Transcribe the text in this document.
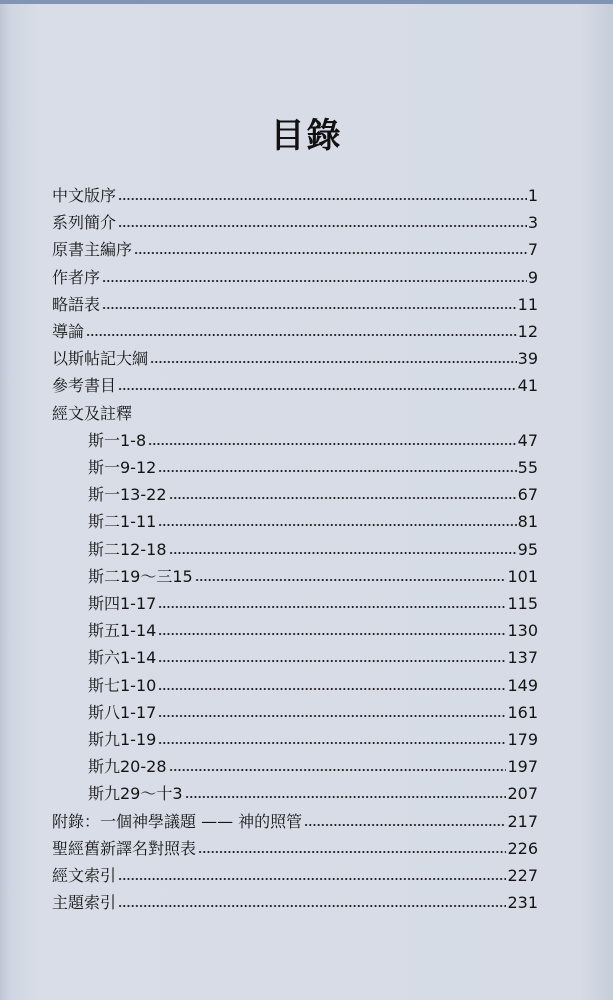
目錄
中文版序	1
系列簡介	3
原書主編序	7
作者序	9
略語表	11
導論	12
以斯帖記大綱	39
參考書目	41
經文及註釋
斯一1-8	47
斯一9-12	55
斯一13-22	67
斯二1-11	81
斯二12-18	95
斯二19～三15	101
斯四1-17	115
斯五1-14	130
斯六1-14	137
斯七1-10	149
斯八1-17	161
斯九1-19	179
斯九20-28	197
斯九29～十3	207
附錄：一個神學議題 —— 神的照管	217
聖經舊新譯名對照表	226
經文索引	227
主題索引	231
